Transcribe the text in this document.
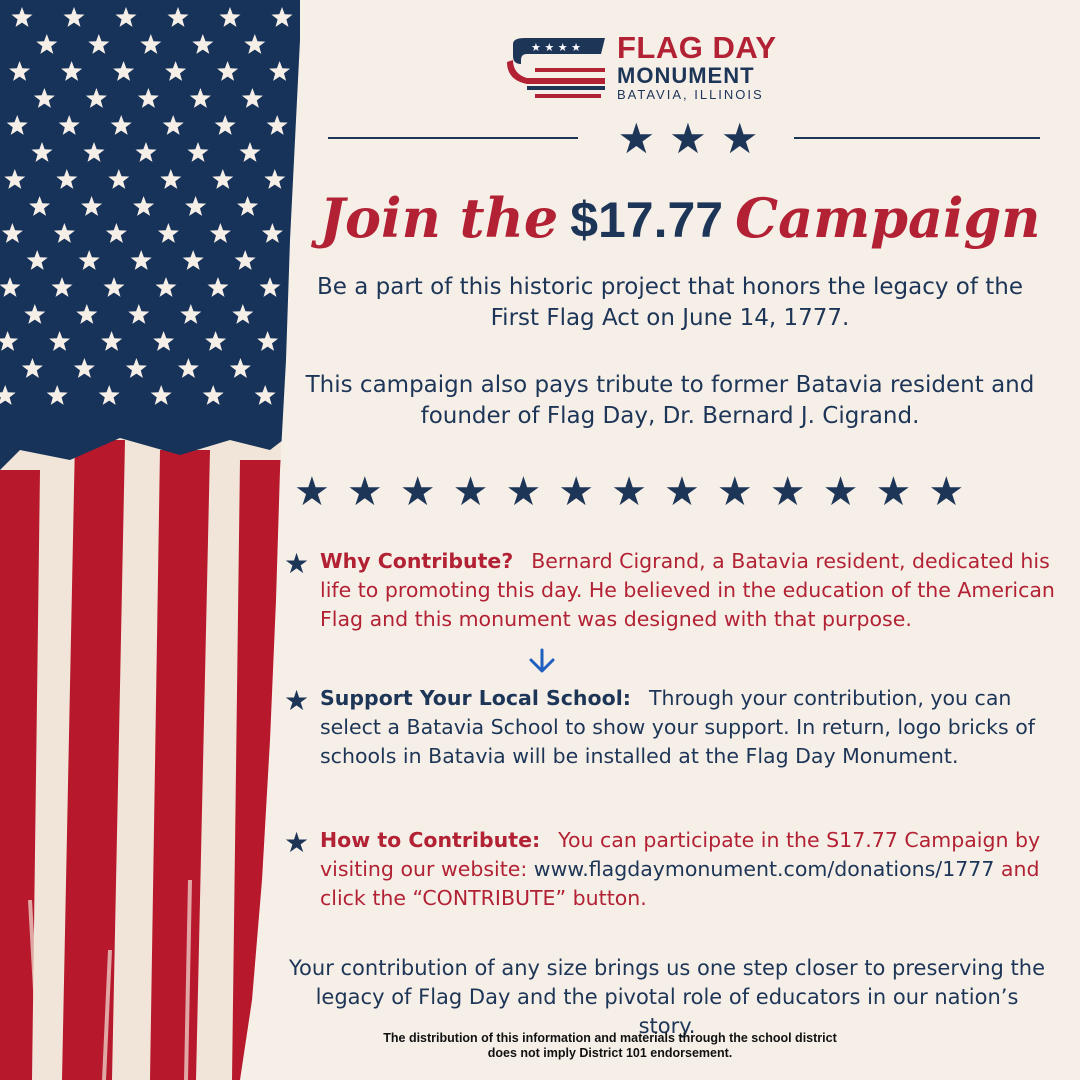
★ ★ ★ ★ FLAG DAY
MONUMENT
BATAVIA, ILLINOIS
★★★
Join the $17.77 Campaign

Be a part of this historic project that honors the legacy of the First Flag Act on June 14, 1777.

This campaign also pays tribute to former Batavia resident and founder of Flag Day, Dr. Bernard J. Cigrand.

★★★★★★★★★★★★★
★ Why Contribute? Bernard Cigrand, a Batavia resident, dedicated his life to promoting this day. He believed in the education of the American Flag and this monument was designed with that purpose.
★ Support Your Local School: Through your contribution, you can select a Batavia School to show your support. In return, logo bricks of schools in Batavia will be installed at the Flag Day Monument.
★ How to Contribute: You can participate in the S17.77 Campaign by visiting our website: www.flagdaymonument.com/donations/1777 and click the “CONTRIBUTE” button.
Your contribution of any size brings us one step closer to preserving the legacy of Flag Day and the pivotal role of educators in our nation’s story.
The distribution of this information and materials through the school district
does not imply District 101 endorsement.
